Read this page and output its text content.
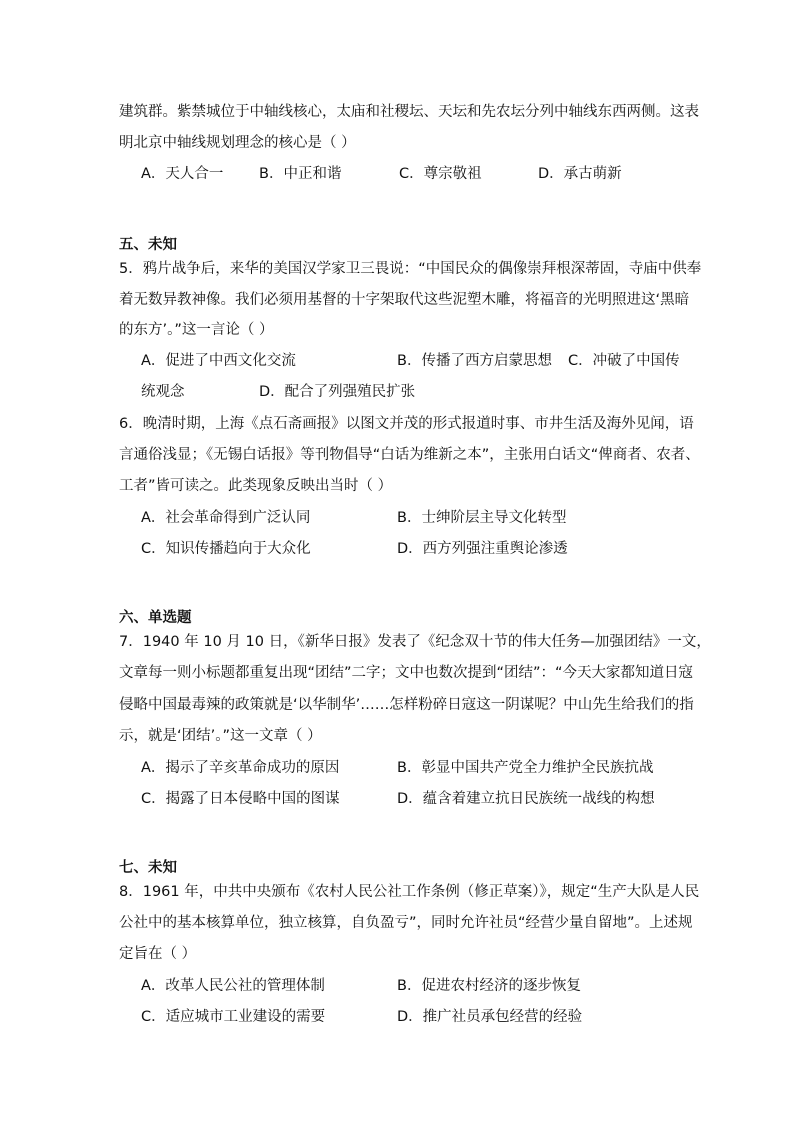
建筑群。紫禁城位于中轴线核心，太庙和社稷坛、天坛和先农坛分列中轴线东西两侧。这表
明北京中轴线规划理念的核心是（ ）
A．天人合一 B．中正和谐	C．尊宗敬祖	D．承古萌新
五、未知
5．鸦片战争后，来华的美国汉学家卫三畏说：“中国民众的偶像崇拜根深蒂固，寺庙中供奉
着无数异教神像。我们必须用基督的十字架取代这些泥塑木雕，将福音的光明照进这‘黑暗
的东方’。”这一言论（ ）
A．促进了中西文化交流	B．传播了西方启蒙思想 C．冲破了中国传
统观念	D．配合了列强殖民扩张
6．晚清时期，上海《点石斋画报》以图文并茂的形式报道时事、市井生活及海外见闻，语
言通俗浅显；《无锡白话报》等刊物倡导“白话为维新之本”，主张用白话文“俾商者、农者、
工者”皆可读之。此类现象反映出当时（ ）
A．社会革命得到广泛认同	B．士绅阶层主导文化转型
C．知识传播趋向于大众化	D．西方列强注重舆论渗透
六、单选题
7．1940 年 10 月 10 日，《新华日报》发表了《纪念双十节的伟大任务—加强团结》一文，
文章每一则小标题都重复出现“团结”二字；文中也数次提到“团结”：“今天大家都知道日寇
侵略中国最毒辣的政策就是‘以华制华’……怎样粉碎日寇这一阴谋呢？中山先生给我们的指
示，就是‘团结’。”这一文章（ ）
A．揭示了辛亥革命成功的原因	B．彰显中国共产党全力维护全民族抗战
C．揭露了日本侵略中国的图谋	D．蕴含着建立抗日民族统一战线的构想
七、未知
8．1961 年，中共中央颁布《农村人民公社工作条例（修正草案）》，规定“生产大队是人民
公社中的基本核算单位，独立核算，自负盈亏”，同时允许社员“经营少量自留地”。上述规
定旨在（ ）
A．改革人民公社的管理体制	B．促进农村经济的逐步恢复
C．适应城市工业建设的需要	D．推广社员承包经营的经验
